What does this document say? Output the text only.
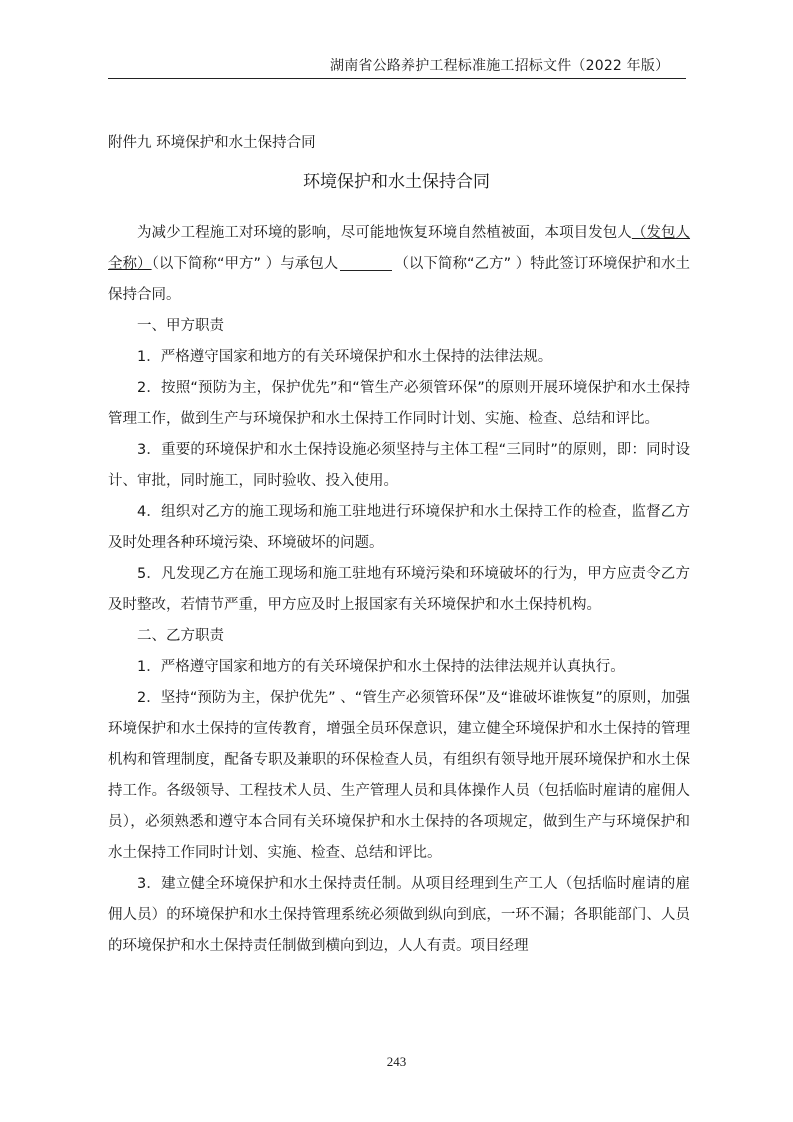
湖南省公路养护工程标准施工招标文件（2022 年版）
附件九 环境保护和水土保持合同
环境保护和水土保持合同

为减少工程施工对环境的影响，尽可能地恢复环境自然植被面，本项目发包人（发包人全称）（以下简称“甲方” ）与承包人	（以下简称“乙方” ）特此签订环境保护和水土保持合同。

一、甲方职责

1．严格遵守国家和地方的有关环境保护和水土保持的法律法规。

2．按照“预防为主，保护优先”和“管生产必须管环保”的原则开展环境保护和水土保持管理工作，做到生产与环境保护和水土保持工作同时计划、实施、检查、总结和评比。

3．重要的环境保护和水土保持设施必须坚持与主体工程“三同时”的原则，即：同时设计、审批，同时施工，同时验收、投入使用。

4．组织对乙方的施工现场和施工驻地进行环境保护和水土保持工作的检查，监督乙方及时处理各种环境污染、环境破坏的问题。

5．凡发现乙方在施工现场和施工驻地有环境污染和环境破坏的行为，甲方应责令乙方及时整改，若情节严重，甲方应及时上报国家有关环境保护和水土保持机构。

二、乙方职责

1．严格遵守国家和地方的有关环境保护和水土保持的法律法规并认真执行。

2．坚持“预防为主，保护优先” 、“管生产必须管环保”及“谁破坏谁恢复”的原则，加强环境保护和水土保持的宣传教育，增强全员环保意识，建立健全环境保护和水土保持的管理机构和管理制度，配备专职及兼职的环保检查人员，有组织有领导地开展环境保护和水土保持工作。各级领导、工程技术人员、生产管理人员和具体操作人员（包括临时雇请的雇佣人员），必须熟悉和遵守本合同有关环境保护和水土保持的各项规定，做到生产与环境保护和水土保持工作同时计划、实施、检查、总结和评比。

3．建立健全环境保护和水土保持责任制。从项目经理到生产工人（包括临时雇请的雇佣人员）的环境保护和水土保持管理系统必须做到纵向到底，一环不漏；各职能部门、人员的环境保护和水土保持责任制做到横向到边，人人有责。项目经理

243
